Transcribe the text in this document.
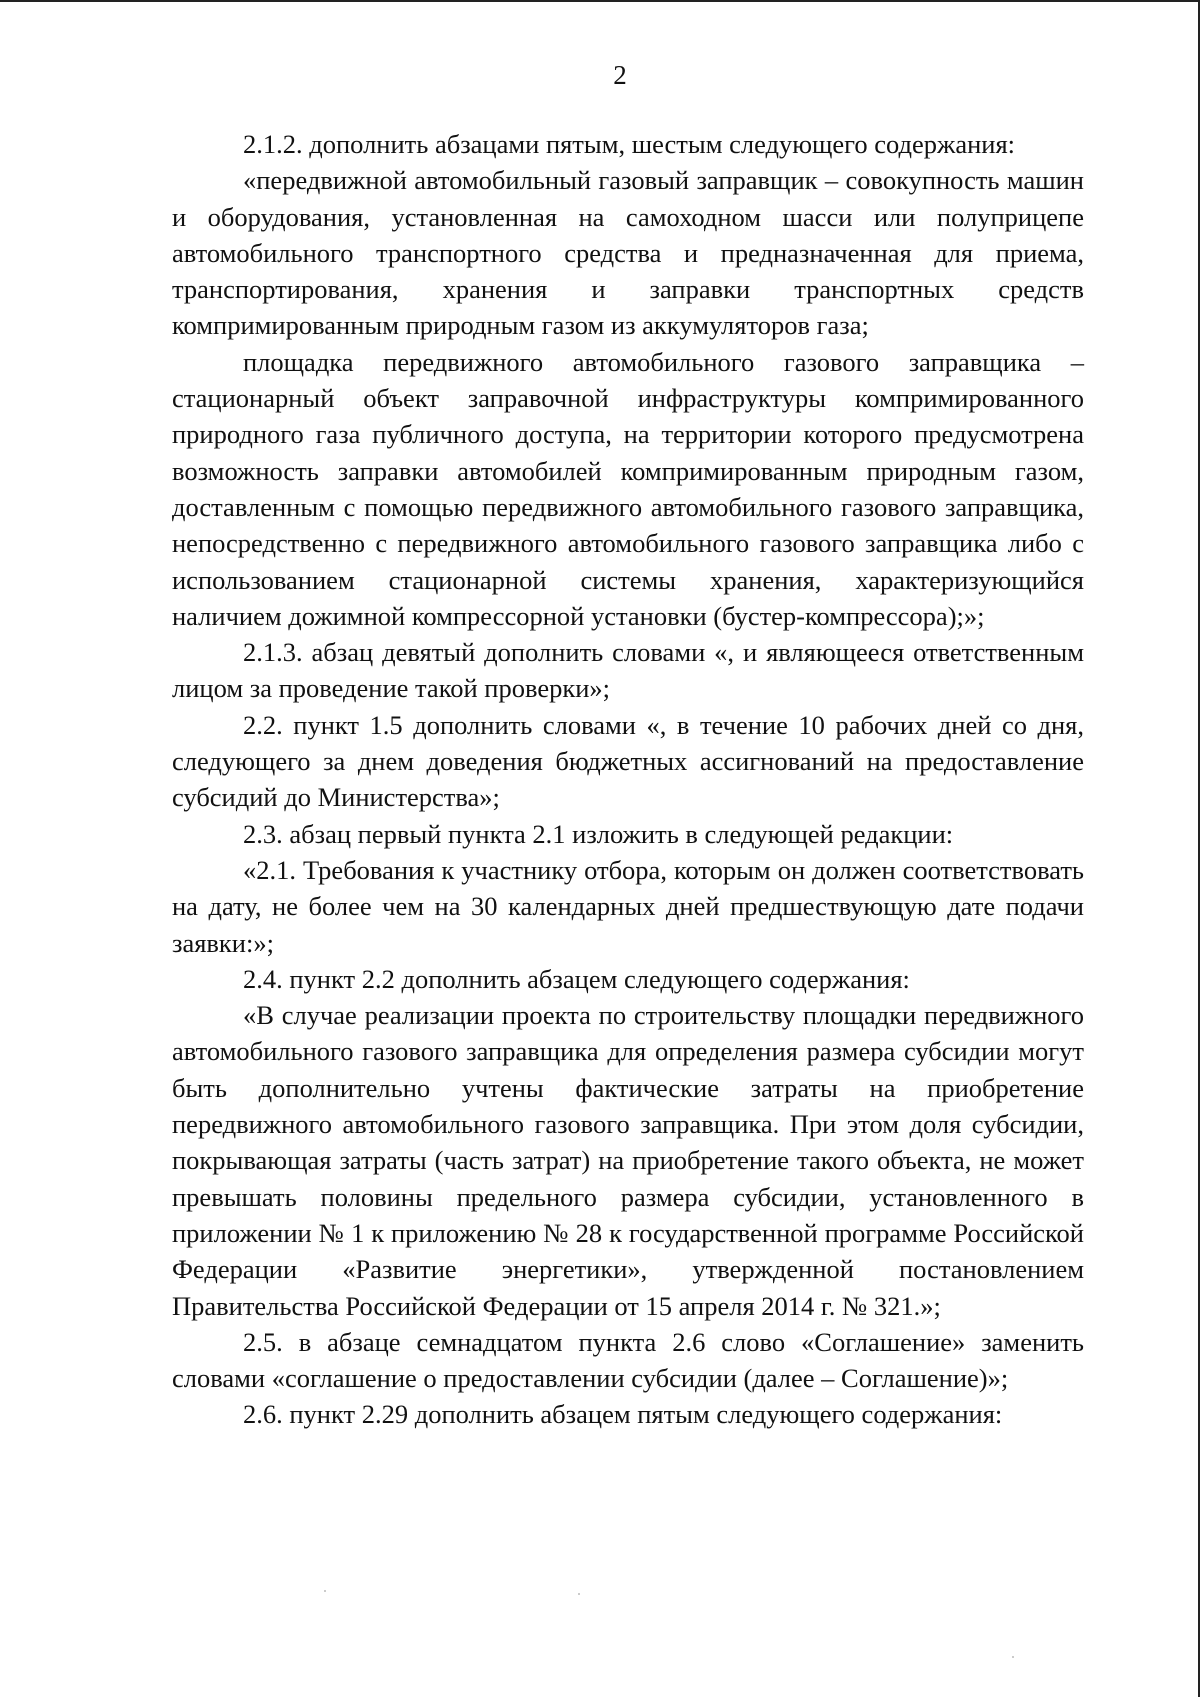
2

2.1.2. дополнить абзацами пятым, шестым следующего содержания:

«передвижной автомобильный газовый заправщик – совокупность машин и оборудования, установленная на самоходном шасси или полуприцепе автомобильного транспортного средства и предназначенная для приема, транспортирования, хранения и заправки транспортных средств компримированным природным газом из аккумуляторов газа;

площадка передвижного автомобильного газового заправщика – стационарный объект заправочной инфраструктуры компримированного природного газа публичного доступа, на территории которого предусмотрена возможность заправки автомобилей компримированным природным газом, доставленным с помощью передвижного автомобильного газового заправщика, непосредственно с передвижного автомобильного газового заправщика либо с использованием стационарной системы хранения, характеризующийся наличием дожимной компрессорной установки (бустер-компрессора);»;

2.1.3. абзац девятый дополнить словами «, и являющееся ответственным лицом за проведение такой проверки»;

2.2. пункт 1.5 дополнить словами «, в течение 10 рабочих дней со дня, следующего за днем доведения бюджетных ассигнований на предоставление субсидий до Министерства»;

2.3. абзац первый пункта 2.1 изложить в следующей редакции:

«2.1. Требования к участнику отбора, которым он должен соответствовать на дату, не более чем на 30 календарных дней предшествующую дате подачи заявки:»;

2.4. пункт 2.2 дополнить абзацем следующего содержания:

«В случае реализации проекта по строительству площадки передвижного автомобильного газового заправщика для определения размера субсидии могут быть дополнительно учтены фактические затраты на приобретение передвижного автомобильного газового заправщика. При этом доля субсидии, покрывающая затраты (часть затрат) на приобретение такого объекта, не может превышать половины предельного размера субсидии, установленного в приложении № 1 к приложению № 28 к государственной программе Российской Федерации «Развитие энергетики», утвержденной постановлением Правительства Российской Федерации от 15 апреля 2014 г. № 321.»;

2.5. в абзаце семнадцатом пункта 2.6 слово «Соглашение» заменить словами «соглашение о предоставлении субсидии (далее – Соглашение)»;

2.6. пункт 2.29 дополнить абзацем пятым следующего содержания:
